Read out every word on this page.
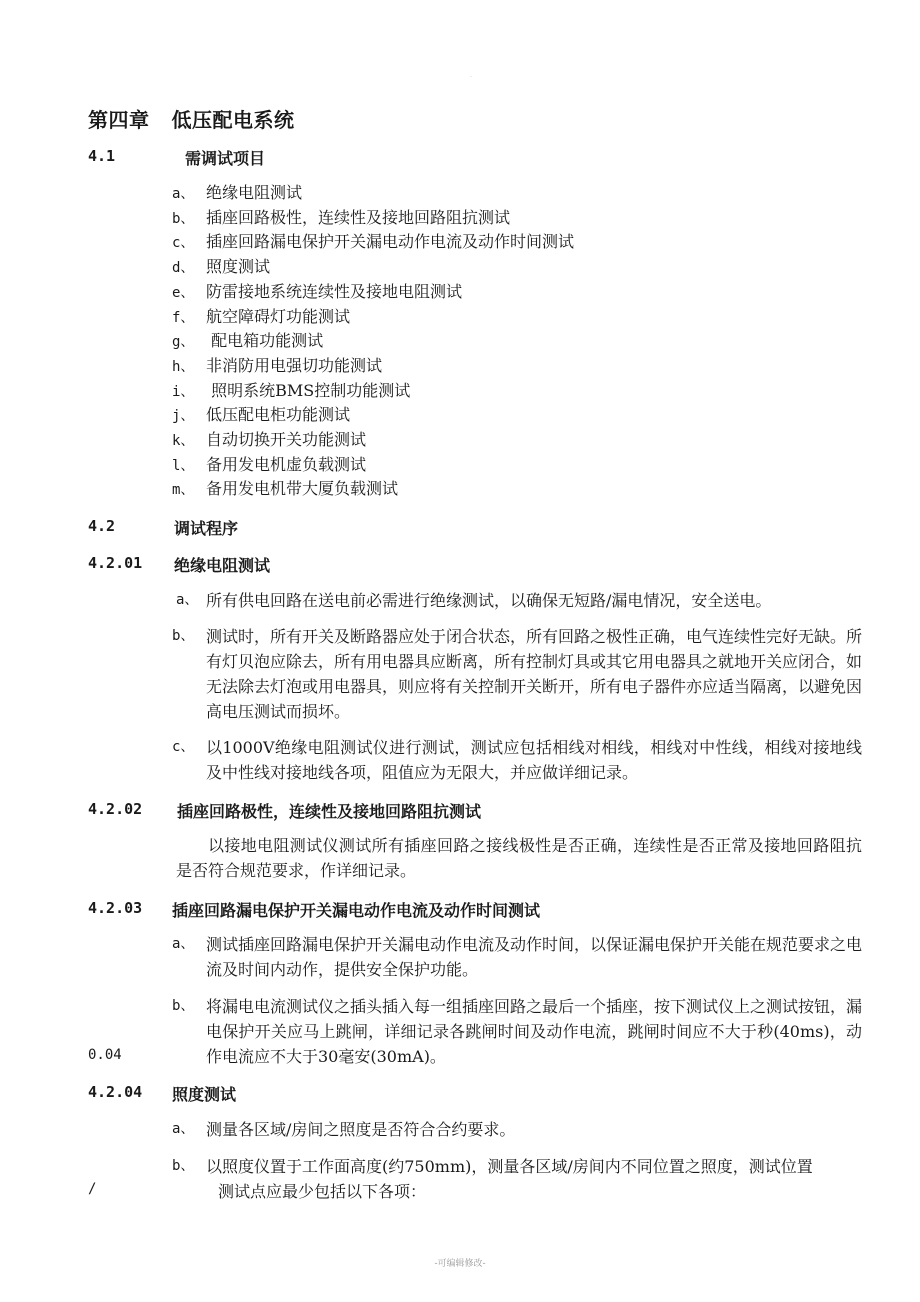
.
第四章 低压配电系统
4.1	需调试项目
a、 绝缘电阻测试
b、 插座回路极性，连续性及接地回路阻抗测试
c、 插座回路漏电保护开关漏电动作电流及动作时间测试
d、 照度测试
e、 防雷接地系统连续性及接地电阻测试
f、 航空障碍灯功能测试
g、 配电箱功能测试
h、 非消防用电强切功能测试
i、 照明系统BMS控制功能测试
j、 低压配电柜功能测试
k、 自动切换开关功能测试
l、 备用发电机虚负载测试
m、 备用发电机带大厦负载测试
4.2	调试程序
4.2.01 绝缘电阻测试
a、 所有供电回路在送电前必需进行绝缘测试，以确保无短路/漏电情况，安全送电。
b、 测试时，所有开关及断路器应处于闭合状态，所有回路之极性正确，电气连续性完好无缺。所有灯贝泡应除去，所有用电器具应断离，所有控制灯具或其它用电器具之就地开关应闭合，如无法除去灯泡或用电器具，则应将有关控制开关断开，所有电子器件亦应适当隔离，以避免因高电压测试而损坏。
c、 以1000V绝缘电阻测试仪进行测试，测试应包括相线对相线，相线对中性线，相线对接地线及中性线对接地线各项，阻值应为无限大，并应做详细记录。
4.2.02 插座回路极性，连续性及接地回路阻抗测试
以接地电阻测试仪测试所有插座回路之接线极性是否正确，连续性是否正常及接地回路阻抗是否符合规范要求，作详细记录。
4.2.03 插座回路漏电保护开关漏电动作电流及动作时间测试
a、 测试插座回路漏电保护开关漏电动作电流及动作时间，以保证漏电保护开关能在规范要求之电流及时间内动作，提供安全保护功能。
b、 将漏电电流测试仪之插头插入每一组插座回路之最后一个插座，按下测试仪上之测试按钮，漏电保护开关应马上跳闸，详细记录各跳闸时间及动作电流，跳闸时间应不大于秒(40ms)，动作电流应不大于30毫安(30mA)。
0.04
4.2.04 照度测试
a、 测量各区域/房间之照度是否符合合约要求。
b、 以照度仪置于工作面高度(约750mm)，测量各区域/房间内不同位置之照度，测试位置
测试点应最少包括以下各项：
/
-可编辑修改-
